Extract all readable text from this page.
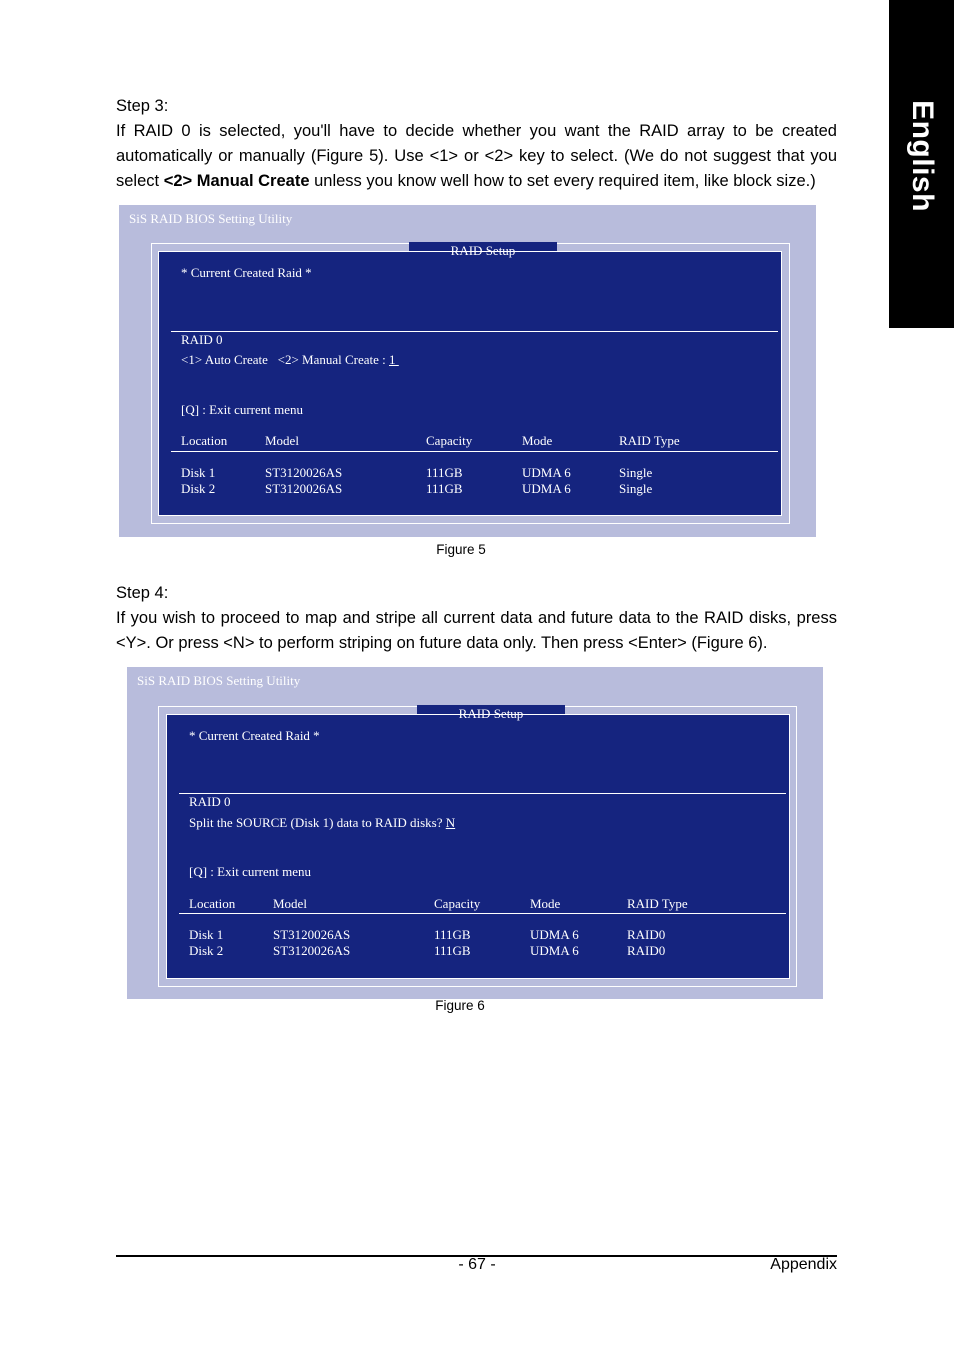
English

Step 3:

If RAID 0 is selected, you'll have to decide whether you want the RAID array to be created automatically or manually (Figure 5). Use <1> or <2> key to select. (We do not suggest that you select <2> Manual Create unless you know well how to set every required item, like block size.)

SiS RAID BIOS Setting Utility
RAID Setup
* Current Created Raid *
RAID 0
<1> Auto Create   <2> Manual Create : 1
[Q] : Exit current menu
Location	Model	Capacity	Mode	RAID Type
Disk 1	ST3120026AS	111GB	UDMA 6	Single
Disk 2	ST3120026AS	111GB	UDMA 6	Single
Figure 5

Step 4:

If you wish to proceed to map and stripe all current data and future data to the RAID disks, press <Y>. Or press <N> to perform striping on future data only. Then press <Enter> (Figure 6).

SiS RAID BIOS Setting Utility
RAID Setup
* Current Created Raid *
RAID 0
Split the SOURCE (Disk 1) data to RAID disks? N
[Q] : Exit current menu
Location	Model	Capacity	Mode	RAID Type
Disk 1	ST3120026AS	111GB	UDMA 6	RAID0
Disk 2	ST3120026AS	111GB	UDMA 6	RAID0
Figure 6
- 67 -	Appendix
